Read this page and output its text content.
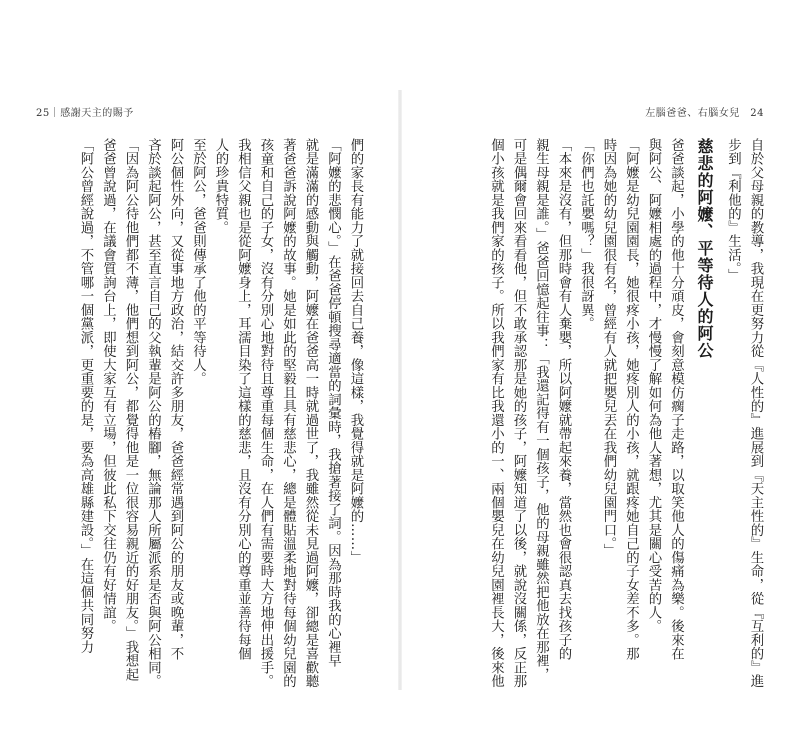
25｜感謝天主的賜予

們的家長有能力了就接回去自己養，像這樣，我覺得就是阿嬤的……」

「阿嬤的悲憫心。」在爸爸停頓搜尋適當的詞彙時，我搶著接了詞。因為那時我的心裡早

就是滿滿的感動與觸動，阿嬤在爸爸高一時就過世了，我雖然從未見過阿嬤，卻總是喜歡聽

著爸爸訴說阿嬤的故事。她是如此的堅毅且具有慈悲心，總是體貼溫柔地對待每個幼兒園的

孩童和自己的子女，沒有分別心地對待且尊重每個生命，在人們有需要時大方地伸出援手。

我相信父親也是從阿嬤身上，耳濡目染了這樣的慈悲，且沒有分別心的尊重並善待每個

人的珍貴特質。

至於阿公，爸爸則傳承了他的平等待人。

阿公個性外向，又從事地方政治，結交許多朋友，爸爸經常遇到阿公的朋友或晚輩，不

吝於談起阿公，甚至直言自己的父執輩是阿公的樁腳，無論那人所屬派系是否與阿公相同。

「因為阿公待他們都不薄，他們想到阿公，都覺得他是一位很容易親近的好朋友。」我想起

爸爸曾說過，在議會質詢台上，即使大家互有立場，但彼此私下交往仍有好情誼。

「阿公曾經說過，不管哪一個黨派，更重要的是，要為高雄縣建設。」在這個共同努力

左腦爸爸、右腦女兒　24

自於父母親的教導，我現在更努力從『人性的』進展到『天主性的』生命，從『互利的』進

步到『利他的』生活。」

慈悲的阿嬤、平等待人的阿公

爸爸談起，小學的他十分頑皮，會刻意模仿瘸子走路，以取笑他人的傷痛為樂。後來在

與阿公、阿嬤相處的過程中，才慢慢了解如何為他人著想，尤其是關心受苦的人。

「阿嬤是幼兒園園長，她很疼小孩，她疼別人的小孩，就跟疼她自己的子女差不多。那

時因為她的幼兒園很有名，曾經有人就把嬰兒丟在我們幼兒園門口。」

「你們也託嬰嗎？」我很訝異。

「本來是沒有，但那時會有人棄嬰，所以阿嬤就帶起來養，當然也會很認真去找孩子的

親生母親是誰。」爸爸回憶起往事：「我還記得有一個孩子，他的母親雖然把他放在那裡，

可是偶爾會回來看看他，但不敢承認那是她的孩子，阿嬤知道了以後，就說沒關係，反正那

個小孩就是我們家的孩子。所以我們家有比我還小的一、兩個嬰兒在幼兒園裡長大，後來他
